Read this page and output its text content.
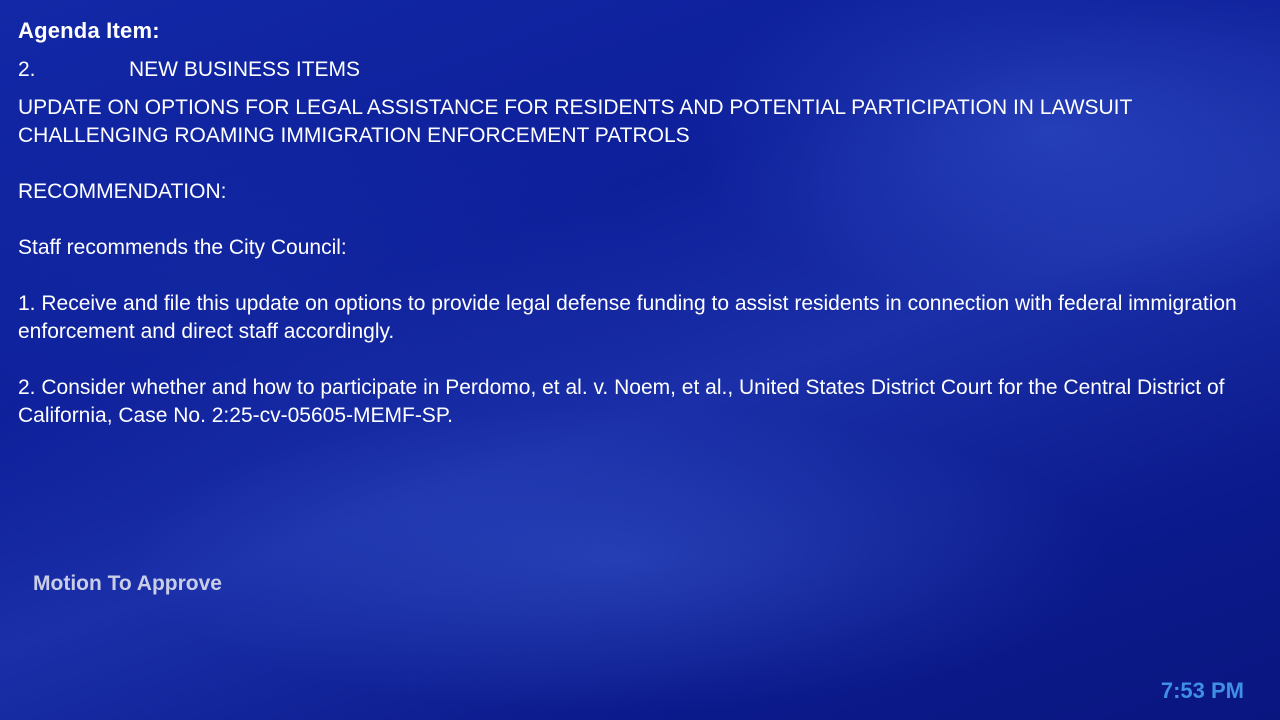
Agenda Item:
2.	NEW BUSINESS ITEMS

UPDATE ON OPTIONS FOR LEGAL ASSISTANCE FOR RESIDENTS AND POTENTIAL PARTICIPATION IN LAWSUIT CHALLENGING ROAMING IMMIGRATION ENFORCEMENT PATROLS

RECOMMENDATION:

Staff recommends the City Council:

1. Receive and file this update on options to provide legal defense funding to assist residents in connection with federal immigration enforcement and direct staff accordingly.

2. Consider whether and how to participate in Perdomo, et al. v. Noem, et al., United States District Court for the Central District of California, Case No. 2:25-cv-05605-MEMF-SP.

Motion To Approve
7:53 PM
